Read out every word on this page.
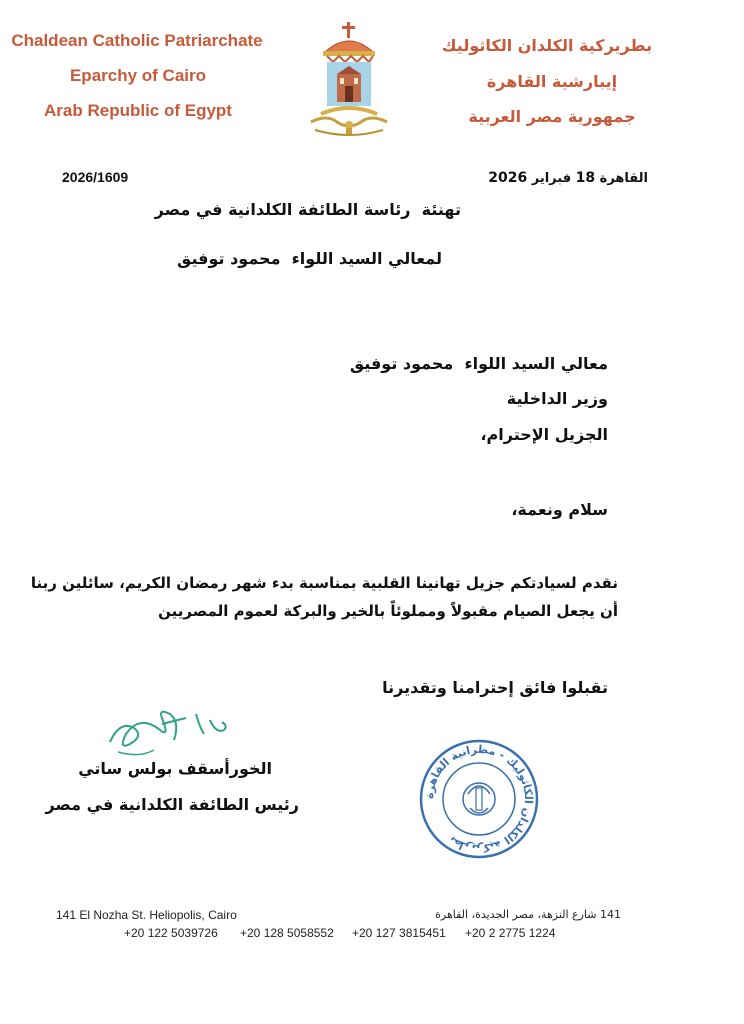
Chaldean Catholic Patriarchate
Eparchy of Cairo
Arab Republic of Egypt
بطريركية الكلدان الكاثوليك
إيبارشية القاهرة
جمهورية مصر العربية
2026/1609	القاهرة 18 فبراير 2026
تهنئة  رئاسة الطائفة الكلدانية في مصر
لمعالي السيد اللواء  محمود توفيق
معالي السيد اللواء  محمود توفيق
وزير الداخلية
الجزيل الإحترام،
سلام ونعمة،
نقدم لسيادتكم جزيل تهانينا القلبية بمناسبة بدء شهر رمضان الكريم، سائلين ربنا
أن يجعل الصيام مقبولاً ومملوئاً بالخير والبركة لعموم المصريين
تقبلوا فائق إحترامنا وتقديرنا
الخورأسقف بولس ساتي
رئيس الطائفة الكلدانية في مصر	بطريركية الكلدان الكاثوليك - مطرانية القاهرة
141 El Nozha St. Heliopolis, Cairo	141 شارع النزهة، مصر الجديدة، القاهرة
+20 122 5039726 +20 128 5058552 +20 127 3815451 +20 2 2775 1224
